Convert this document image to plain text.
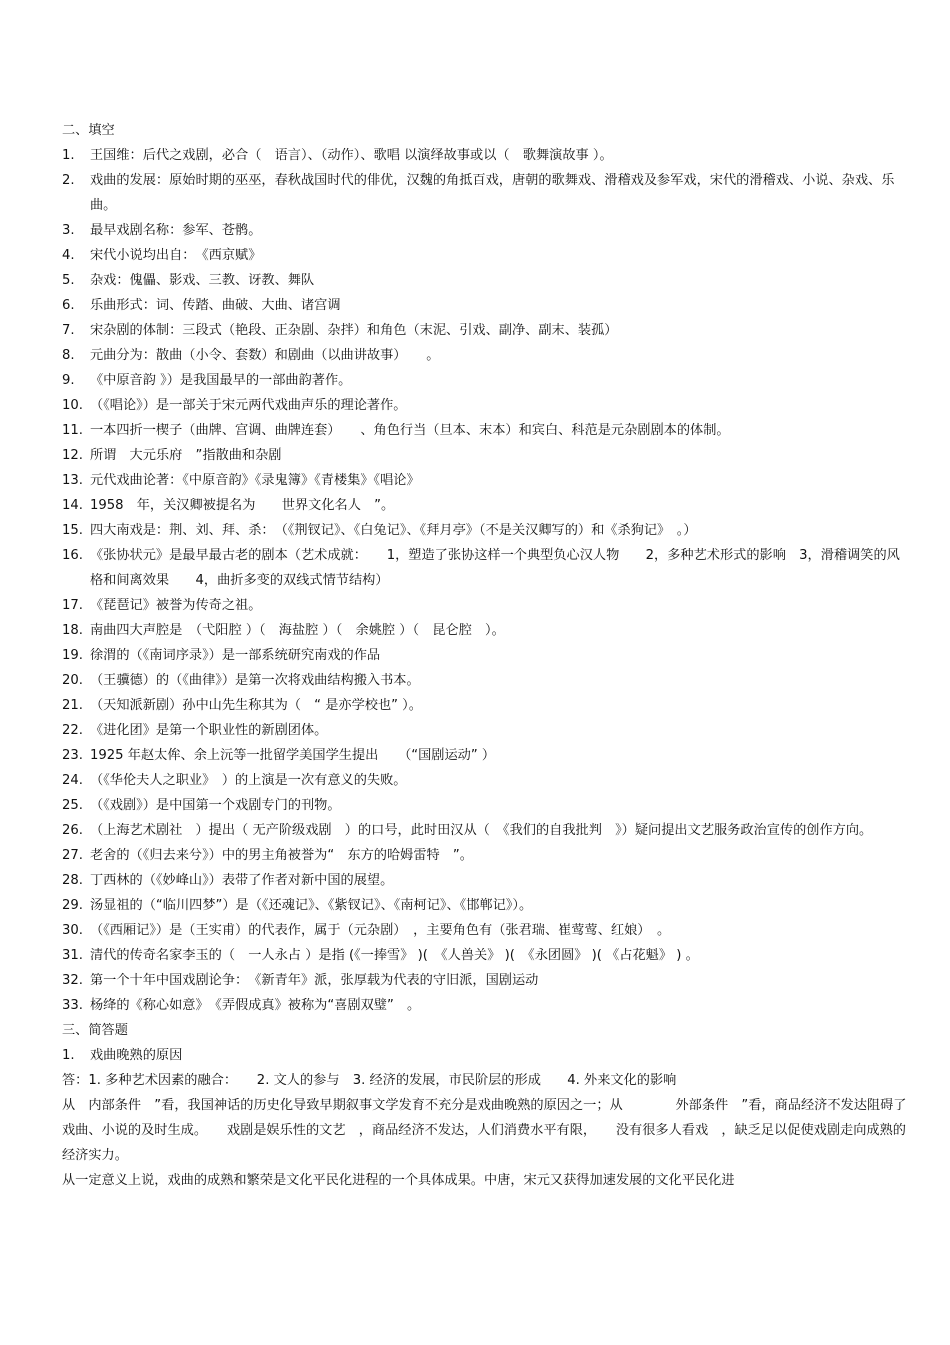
二、填空

1. 王国维：后代之戏剧，必合（　语言）、（动作）、歌唱 以演绎故事或以（　歌舞演故事 ）。
2. 戏曲的发展：原始时期的巫巫，春秋战国时代的俳优，汉魏的角抵百戏，唐朝的歌舞戏、滑稽戏及参军戏，宋代的滑稽戏、小说、杂戏、乐曲。
3. 最早戏剧名称：参军、苍鹘。
4. 宋代小说均出自：　《西京赋》
5. 杂戏：傀儡、影戏、三教、讶教、舞队
6. 乐曲形式：词、传踏、曲破、大曲、诸宫调
7. 宋杂剧的体制：三段式（艳段、正杂剧、杂拌）和角色（末泥、引戏、副净、副末、装孤）
8. 元曲分为：散曲（小令、套数）和剧曲（以曲讲故事）　　。
9. 《中原音韵 》）是我国最早的一部曲韵著作。
10. （《唱论》）是一部关于宋元两代戏曲声乐的理论著作。
11. 一本四折一楔子（曲牌、宫调、曲牌连套）　　、角色行当（旦本、末本）和宾白、科范是元杂剧剧本的体制。
12. 所谓　大元乐府　”指散曲和杂剧
13. 元代戏曲论著：《中原音韵》《录鬼簿》《青楼集》《唱论》
14. 1958　年，关汉卿被提名为　　世界文化名人　”。
15. 四大南戏是：荆、刘、拜、杀：　（《荆钗记》、《白兔记》、《拜月亭》（不是关汉卿写的）和《杀狗记》　。）
16. 《张协状元》是最早最古老的剧本（艺术成就：　　1，塑造了张协这样一个典型负心汉人物　　2，多种艺术形式的影响　3，滑稽调笑的风格和间离效果　　4，曲折多变的双线式情节结构）
17. 《琵琶记》被誉为传奇之祖。
18. 南曲四大声腔是　（弋阳腔 ）（　海盐腔 ）（　余姚腔 ）（　昆仑腔　）。
19. 徐渭的（《南词序录》）是一部系统研究南戏的作品
20. （王骥德）的（《曲律》）是第一次将戏曲结构搬入书本。
21. （天知派新剧）孙中山先生称其为（　“ 是亦学校也” ）。
22. 《进化团》是第一个职业性的新剧团体。
23. 1925 年赵太侔、余上沅等一批留学美国学生提出　　（“国剧运动” ）
24. （《华伦夫人之职业》　）的上演是一次有意义的失败。
25. （《戏剧》）是中国第一个戏剧专门的刊物。
26. （上海艺术剧社　）提出（ 无产阶级戏剧　）的口号，此时田汉从（　《我们的自我批判　》）疑问提出文艺服务政治宣传的创作方向。
27. 老舍的（《归去来兮》）中的男主角被誉为“　东方的哈姆雷特　”。
28. 丁西林的（《妙峰山》）表带了作者对新中国的展望。
29. 汤显祖的（“临川四梦”）是（《还魂记》、《紫钗记》、《南柯记》、《邯郸记》）。
30. （《西厢记》）是（王实甫）的代表作，属于（元杂剧）　，主要角色有（张君瑞、崔莺莺、红娘）　。
31. 清代的传奇名家李玉的（　一人永占 ）是指 (《一捧雪》 )(　《人兽关》 )(　《永团圆》 )( 《占花魁》 ) 。
32. 第一个十年中国戏剧论争：　《新青年》派，张厚载为代表的守旧派，国剧运动
33. 杨绛的《称心如意》　《弄假成真》被称为“喜剧双璧”　。

三、简答题

1. 戏曲晚熟的原因

答：1. 多种艺术因素的融合：　　2. 文人的参与　3. 经济的发展，市民阶层的形成　　4. 外来文化的影响

从　内部条件　”看，我国神话的历史化导致早期叙事文学发育不充分是戏曲晚熟的原因之一；从　　　　外部条件　”看，商品经济不发达阻碍了戏曲、小说的及时生成。　　戏剧是娱乐性的文艺　，商品经济不发达，人们消费水平有限，　　没有很多人看戏　，缺乏足以促使戏剧走向成熟的经济实力。

从一定意义上说，戏曲的成熟和繁荣是文化平民化进程的一个具体成果。中唐，宋元又获得加速发展的文化平民化进
